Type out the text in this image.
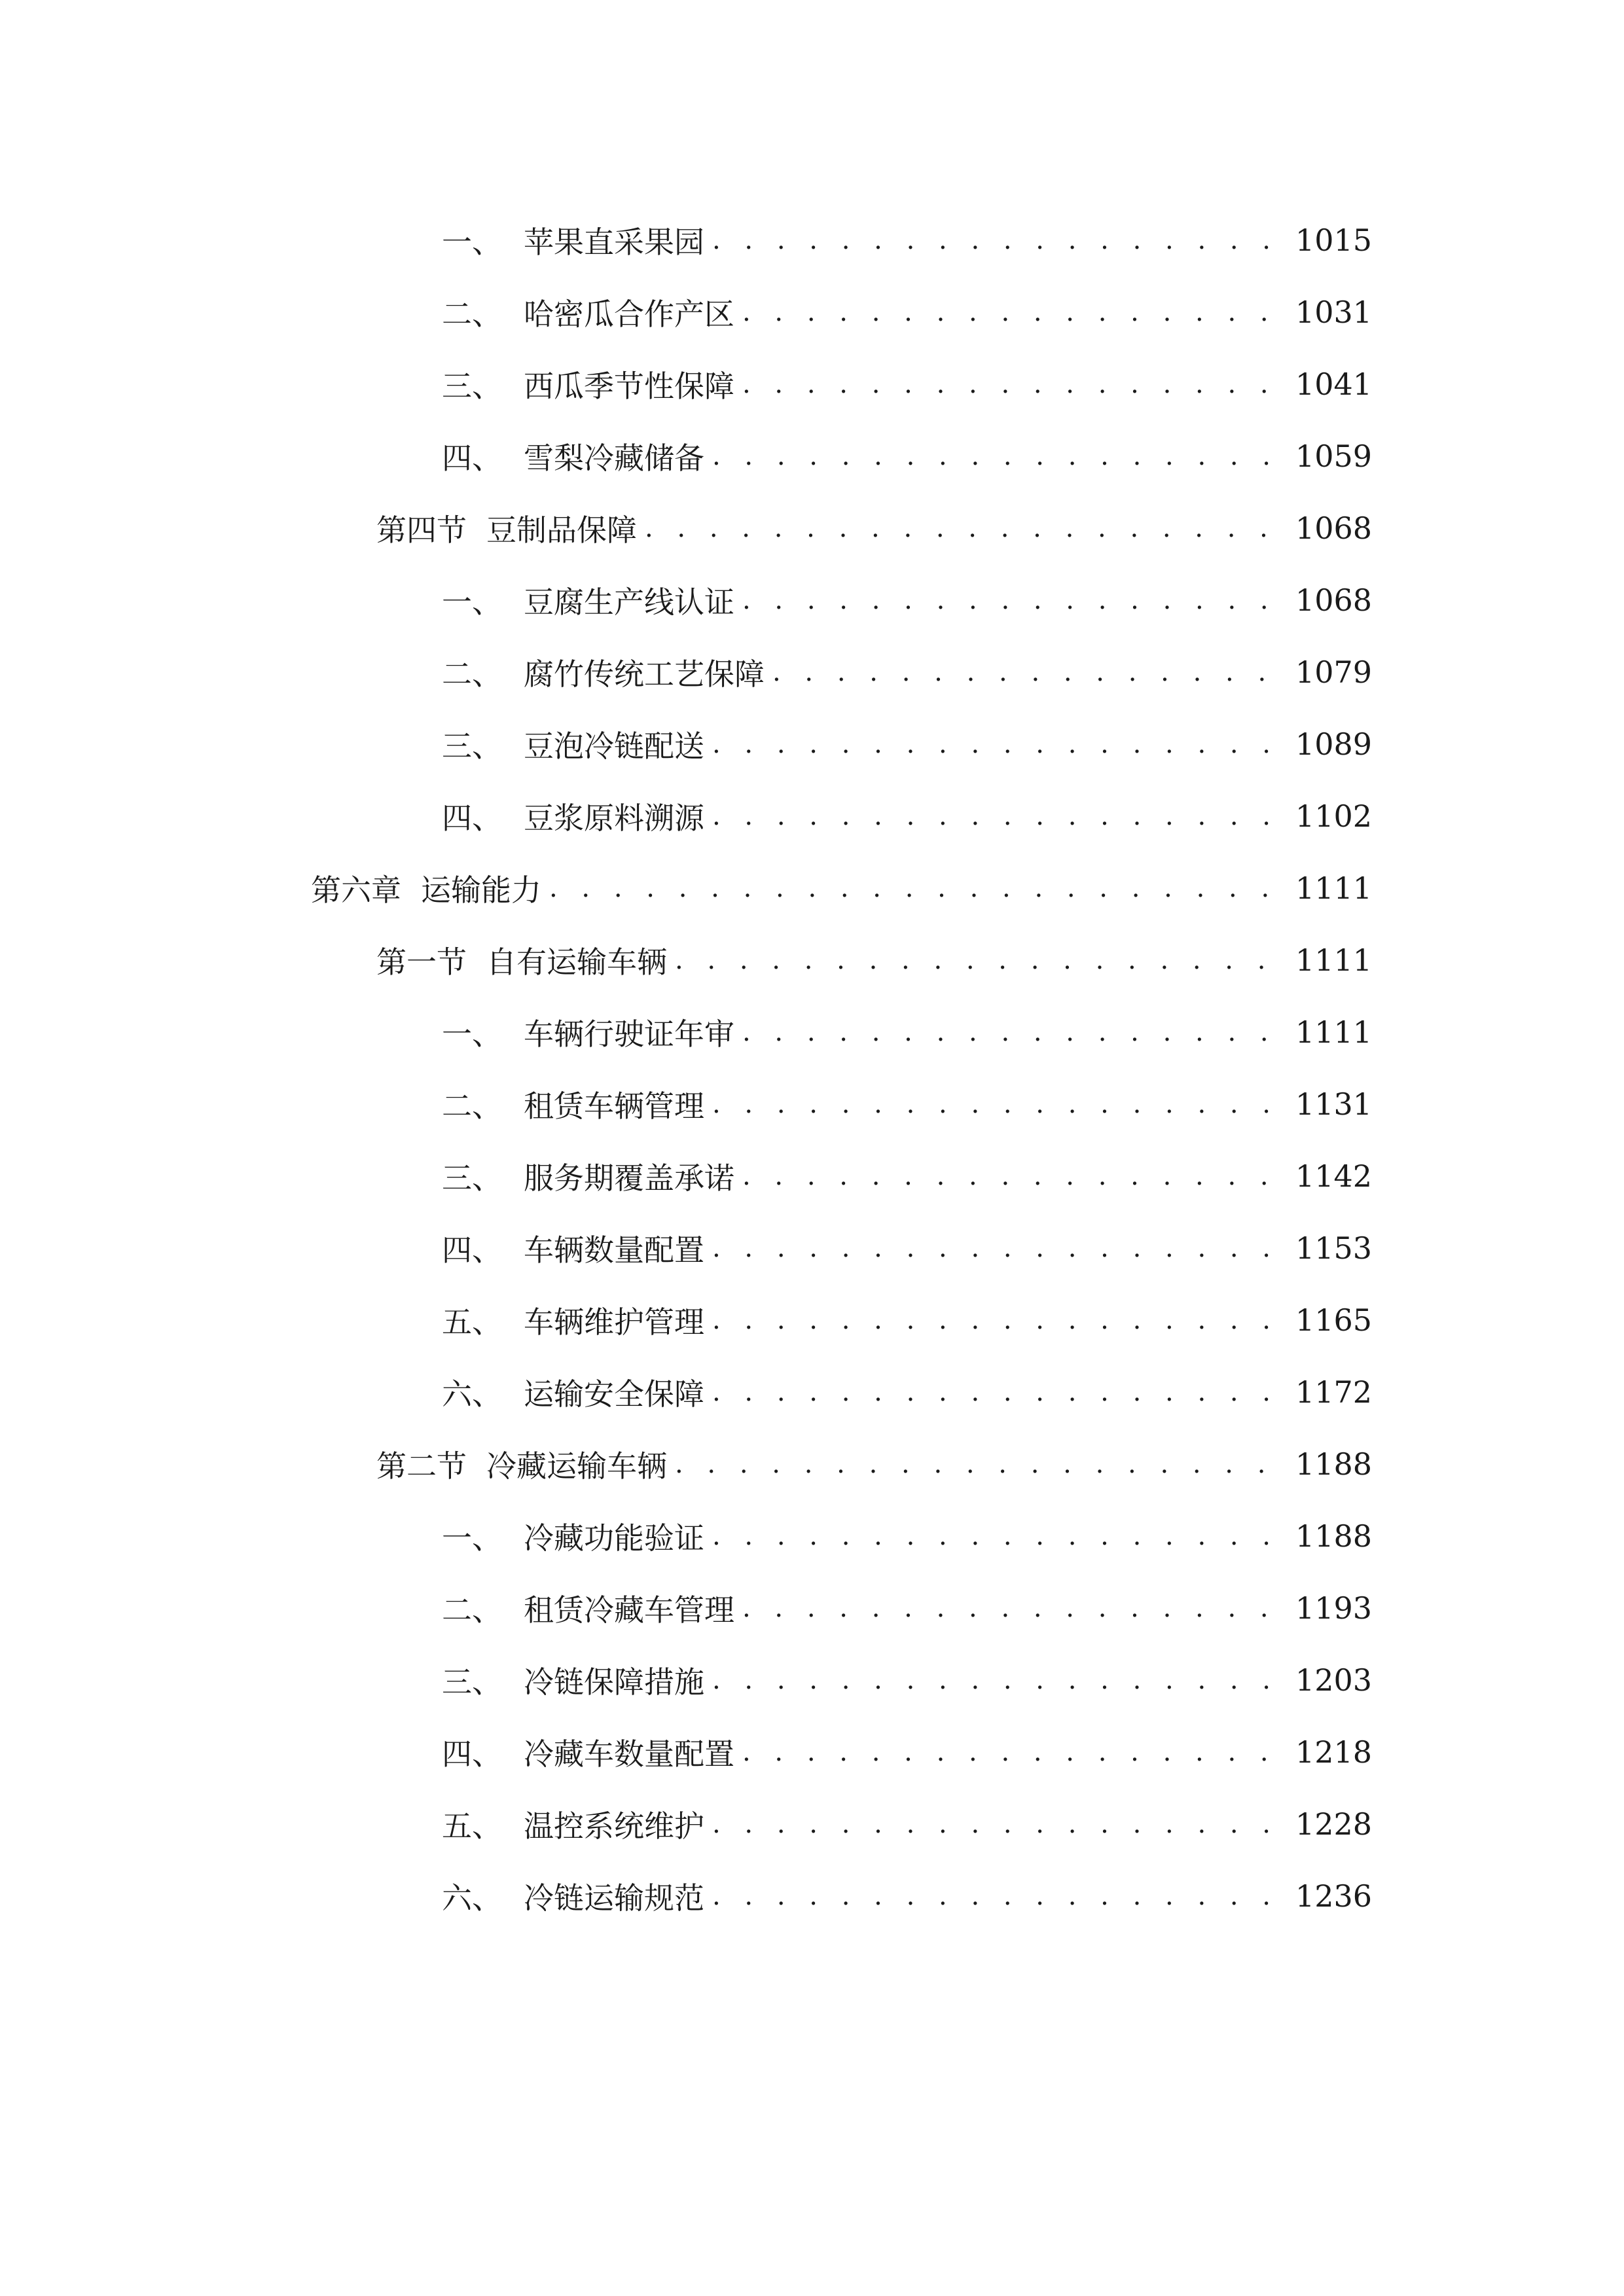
一、 苹果直采果园 . . .	1015
二、 哈密瓜合作产区 . . .	1031
三、 西瓜季节性保障 . . .	1041
四、 雪梨冷藏储备 . . .	1059
第四节 豆制品保障 . . .	1068
一、 豆腐生产线认证 . . .	1068
二、 腐竹传统工艺保障 . . .	1079
三、 豆泡冷链配送 . . .	1089
四、 豆浆原料溯源 . . .	1102
第六章 运输能力 . . .	1111
第一节 自有运输车辆 . . .	1111
一、 车辆行驶证年审 . . .	1111
二、 租赁车辆管理 . . .	1131
三、 服务期覆盖承诺 . . .	1142
四、 车辆数量配置 . . .	1153
五、 车辆维护管理 . . .	1165
六、 运输安全保障 . . .	1172
第二节 冷藏运输车辆 . . .	1188
一、 冷藏功能验证 . . .	1188
二、 租赁冷藏车管理 . . .	1193
三、 冷链保障措施 . . .	1203
四、 冷藏车数量配置 . . .	1218
五、 温控系统维护 . . .	1228
六、 冷链运输规范 . . .	1236
